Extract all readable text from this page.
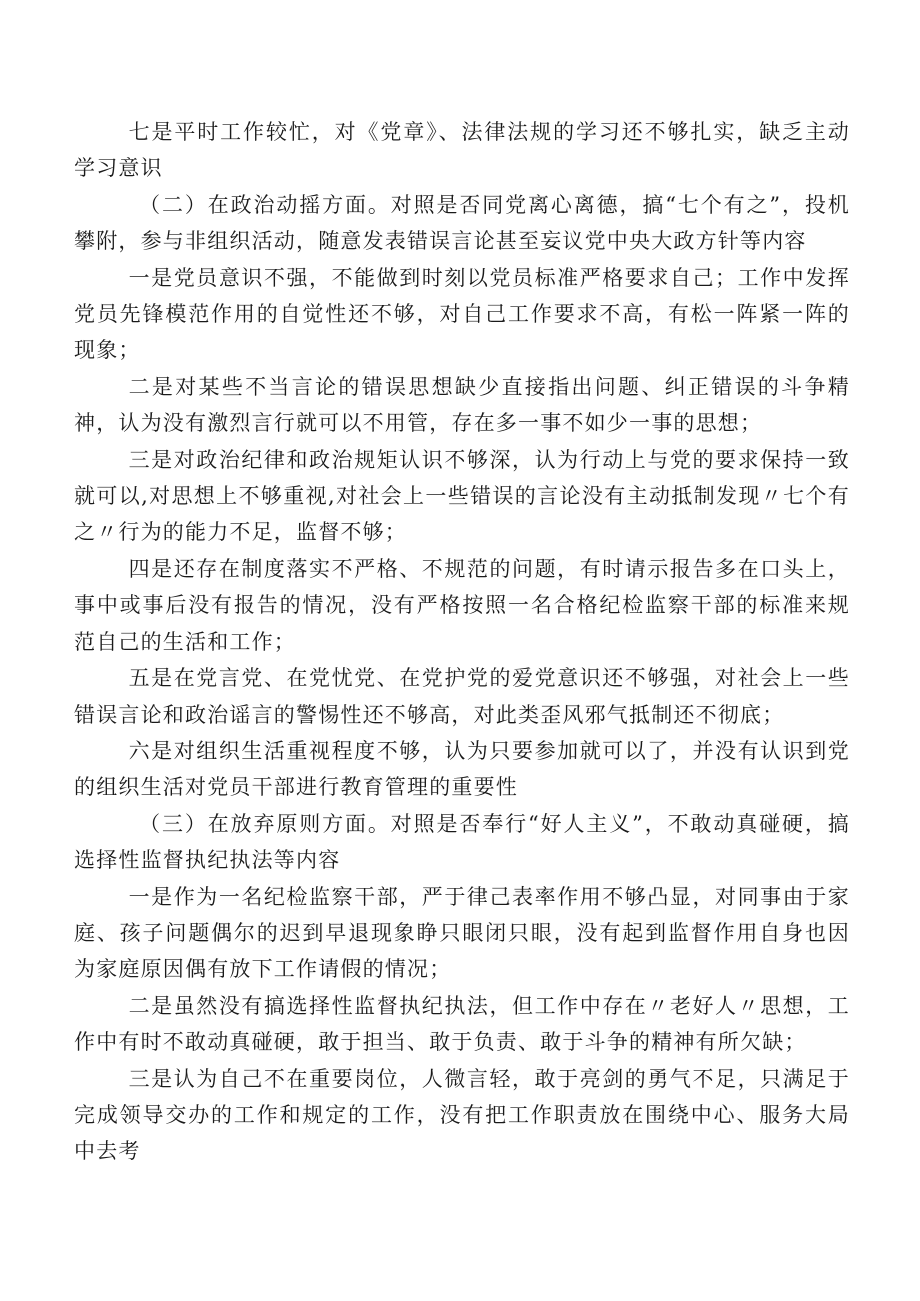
七是平时工作较忙，对《党章》、法律法规的学习还不够扎实，缺乏主动学习意识

（二）在政治动摇方面。对照是否同党离心离德，搞“七个有之”，投机攀附，参与非组织活动，随意发表错误言论甚至妄议党中央大政方针等内容

一是党员意识不强，不能做到时刻以党员标准严格要求自己；工作中发挥党员先锋模范作用的自觉性还不够，对自己工作要求不高，有松一阵紧一阵的现象；

二是对某些不当言论的错误思想缺少直接指出问题、纠正错误的斗争精神，认为没有激烈言行就可以不用管，存在多一事不如少一事的思想；

三是对政治纪律和政治规矩认识不够深，认为行动上与党的要求保持一致就可以,对思想上不够重视,对社会上一些错误的言论没有主动抵制发现〃七个有之〃行为的能力不足，监督不够；

四是还存在制度落实不严格、不规范的问题，有时请示报告多在口头上，事中或事后没有报告的情况，没有严格按照一名合格纪检监察干部的标准来规范自己的生活和工作；

五是在党言党、在党忧党、在党护党的爱党意识还不够强，对社会上一些错误言论和政治谣言的警惕性还不够高，对此类歪风邪气抵制还不彻底；

六是对组织生活重视程度不够，认为只要参加就可以了，并没有认识到党的组织生活对党员干部进行教育管理的重要性

（三）在放弃原则方面。对照是否奉行“好人主义”，不敢动真碰硬，搞选择性监督执纪执法等内容

一是作为一名纪检监察干部，严于律己表率作用不够凸显，对同事由于家庭、孩子问题偶尔的迟到早退现象睁只眼闭只眼，没有起到监督作用自身也因为家庭原因偶有放下工作请假的情况；

二是虽然没有搞选择性监督执纪执法，但工作中存在〃老好人〃思想，工作中有时不敢动真碰硬，敢于担当、敢于负责、敢于斗争的精神有所欠缺；

三是认为自己不在重要岗位，人微言轻，敢于亮剑的勇气不足，只满足于完成领导交办的工作和规定的工作，没有把工作职责放在围绕中心、服务大局中去考
